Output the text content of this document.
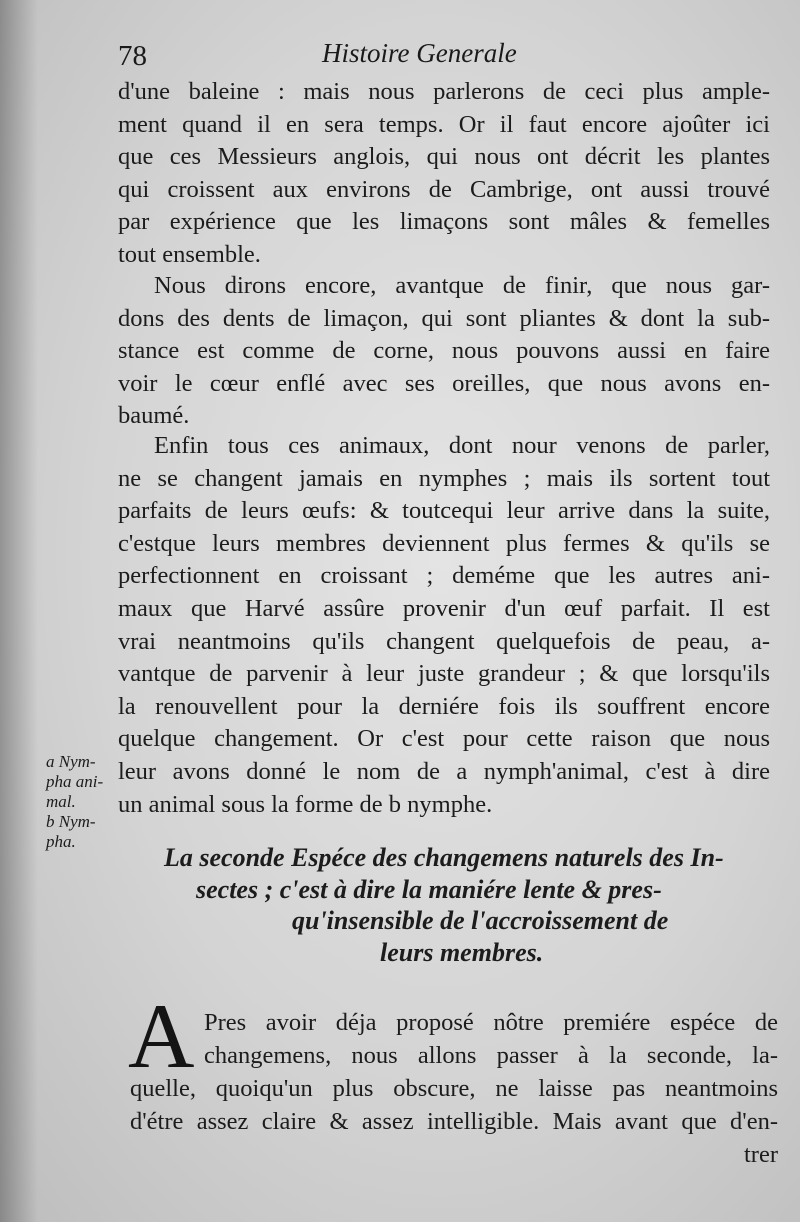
78	Histoire Generale
d'une baleine : mais nous parlerons de ceci plus ample-
ment quand il en sera temps. Or il faut encore ajoûter ici
que ces Messieurs anglois, qui nous ont décrit les plantes
qui croissent aux environs de Cambrige, ont aussi trouvé
par expérience que les limaçons sont mâles & femelles
tout ensemble.
Nous dirons encore, avantque de finir, que nous gar-
dons des dents de limaçon, qui sont pliantes & dont la sub-
stance est comme de corne, nous pouvons aussi en faire
voir le cœur enflé avec ses oreilles, que nous avons en-
baumé.
Enfin tous ces animaux, dont nour venons de parler,
ne se changent jamais en nymphes ; mais ils sortent tout
parfaits de leurs œufs: & toutcequi leur arrive dans la suite,
c'estque leurs membres deviennent plus fermes & qu'ils se
perfectionnent en croissant ; deméme que les autres ani-
maux que Harvé assûre provenir d'un œuf parfait. Il est
vrai neantmoins qu'ils changent quelquefois de peau, a-
vantque de parvenir à leur juste grandeur ; & que lorsqu'ils
la renouvellent pour la derniére fois ils souffrent encore
quelque changement. Or c'est pour cette raison que nous
leur avons donné le nom de a nymph'animal, c'est à dire
un animal sous la forme de b nymphe.
a Nym-
pha ani-
mal.
b Nym-
pha.
La seconde Espéce des changemens naturels des In-
sectes ; c'est à dire la maniére lente & pres-
qu'insensible de l'accroissement de
leurs membres.
A Pres avoir déja proposé nôtre premiére espéce de
changemens, nous allons passer à la seconde, la-
quelle, quoiqu'un plus obscure, ne laisse pas neantmoins
d'étre assez claire & assez intelligible. Mais avant que d'en-
trer
